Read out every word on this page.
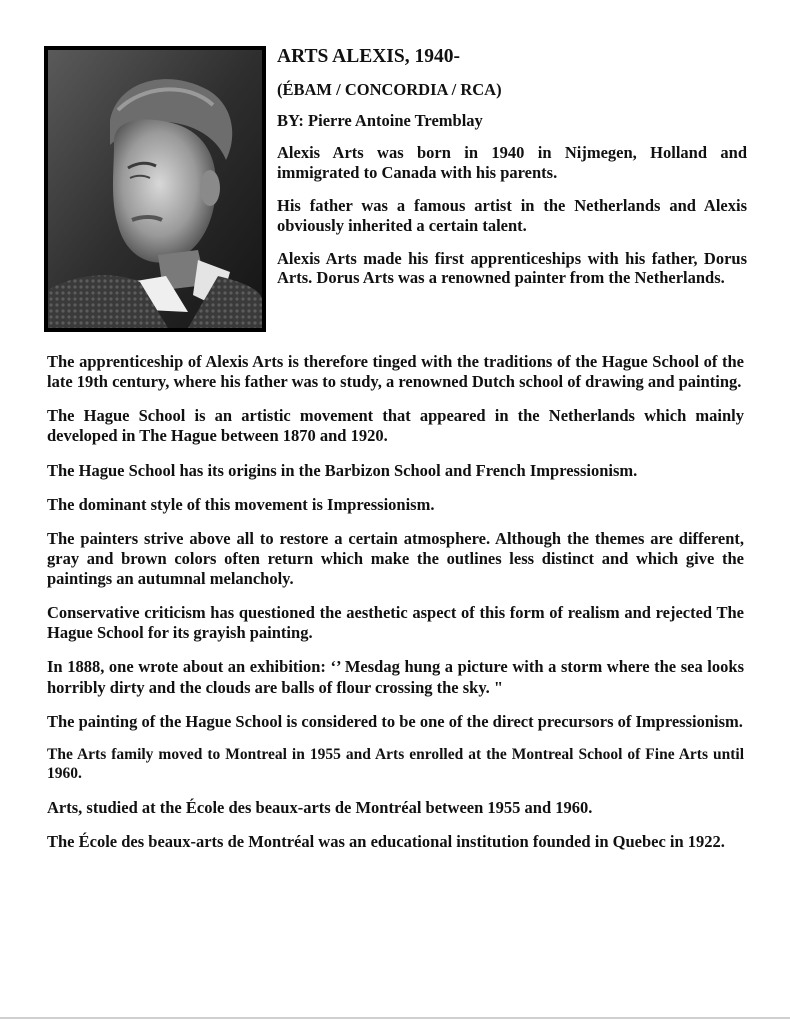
ARTS ALEXIS, 1940-
(ÉBAM / CONCORDIA / RCA)
BY: Pierre Antoine Tremblay

Alexis Arts was born in 1940 in Nijmegen, Holland and immigrated to Canada with his parents.

His father was a famous artist in the Netherlands and Alexis obviously inherited a certain talent.

Alexis Arts made his first apprenticeships with his father, Dorus Arts. Dorus Arts was a renowned painter from the Netherlands.

The apprenticeship of Alexis Arts is therefore tinged with the traditions of the Hague School of the late 19th century, where his father was to study, a renowned Dutch school of drawing and painting.

The Hague School is an artistic movement that appeared in the Netherlands which mainly developed in The Hague between 1870 and 1920.

The Hague School has its origins in the Barbizon School and French Impressionism.

The dominant style of this movement is Impressionism.

The painters strive above all to restore a certain atmosphere. Although the themes are different, gray and brown colors often return which make the outlines less distinct and which give the paintings an autumnal melancholy.

Conservative criticism has questioned the aesthetic aspect of this form of realism and rejected The Hague School for its grayish painting.

In 1888, one wrote about an exhibition: ‘’ Mesdag hung a picture with a storm where the sea looks horribly dirty and the clouds are balls of flour crossing the sky. "

The painting of the Hague School is considered to be one of the direct precursors of Impressionism.

The Arts family moved to Montreal in 1955 and Arts enrolled at the Montreal School of Fine Arts until 1960.

Arts, studied at the École des beaux-arts de Montréal between 1955 and 1960.

The École des beaux-arts de Montréal was an educational institution founded in Quebec in 1922.
